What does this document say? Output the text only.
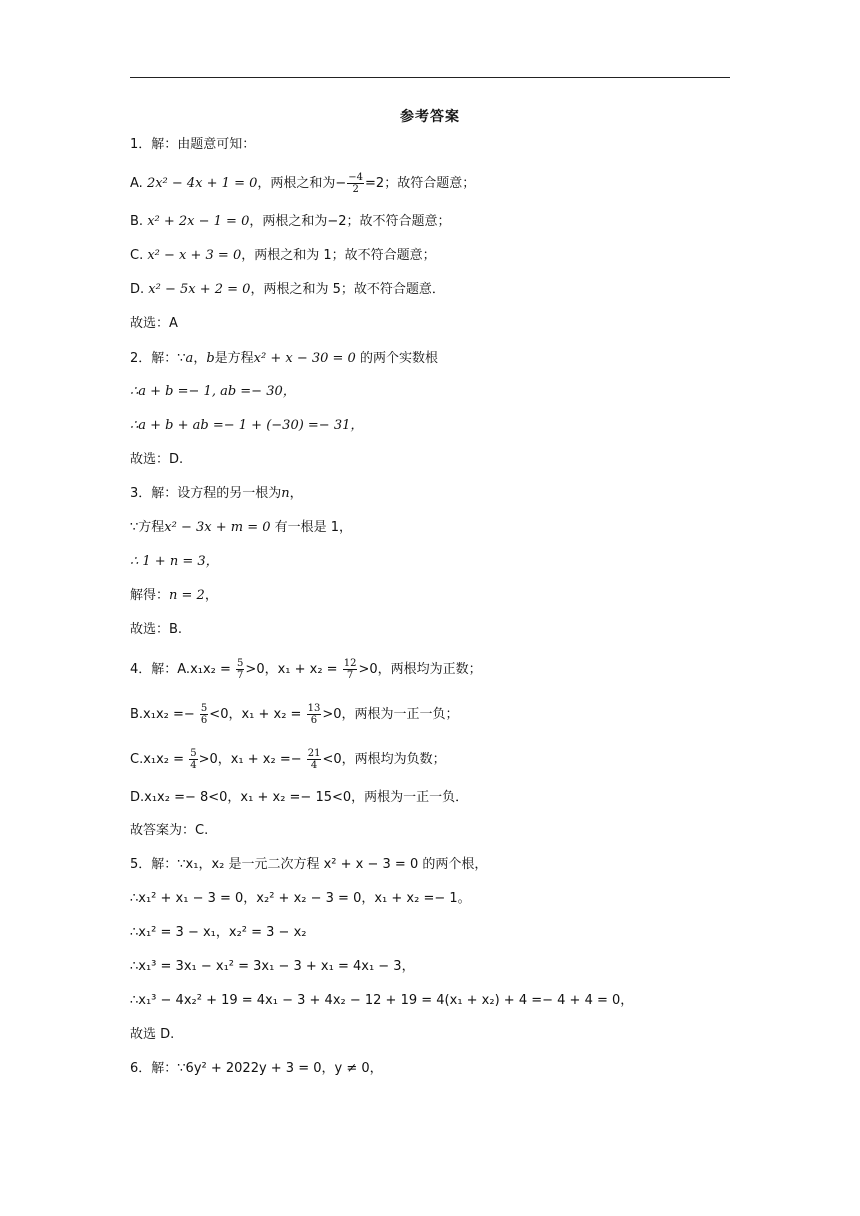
参考答案
1．解：由题意可知：
A. 2x² − 4x + 1 = 0，两根之和为− $\frac{-4}{2} =2$；故符合题意；
B. x² + 2x − 1 = 0，两根之和为−2；故不符合题意；
C. x² − x + 3 = 0，两根之和为 1；故不符合题意；
D. x² − 5x + 2 = 0，两根之和为 5；故不符合题意．
故选：A
2．解：∵a，b是方程x² + x − 30 = 0 的两个实数根
∴a + b =− 1, ab =− 30，
∴a + b + ab =− 1 + (−30) =− 31，
故选：D.
3．解：设方程的另一根为n，
∵方程x² − 3x + m = 0 有一根是 1，
∴ 1 + n = 3，
解得：n = 2，
故选：B.
4．解：$A.x_1x_2 = \frac{5}{7} >0$，$x_1 + x_2 = \frac{12}{7} >0$，两根均为正数；
$B.x_1x_2 =- \frac{5}{6} <0$，$x_1 + x_2 = \frac{13}{6} >0$，两根为一正一负；
$C.x_1x_2 = \frac{5}{4} >0$，$x_1 + x_2 =- \frac{21}{4} <0$，两根均为负数；
D.x₁x₂ =− 8<0，x₁ + x₂ =− 15<0，两根为一正一负．
故答案为：C.
5．解：∵x₁，x₂ 是一元二次方程 x² + x − 3 = 0 的两个根，
∴x₁² + x₁ − 3 = 0，x₂² + x₂ − 3 = 0，x₁ + x₂ =− 1。
∴x₁² = 3 − x₁，x₂² = 3 − x₂
∴x₁³ = 3x₁ − x₁² = 3x₁ − 3 + x₁ = 4x₁ − 3，
∴x₁³ − 4x₂² + 19 = 4x₁ − 3 + 4x₂ − 12 + 19 = 4(x₁ + x₂) + 4 =− 4 + 4 = 0，
故选 D.
6．解：∵6y² + 2022y + 3 = 0，y ≠ 0，
